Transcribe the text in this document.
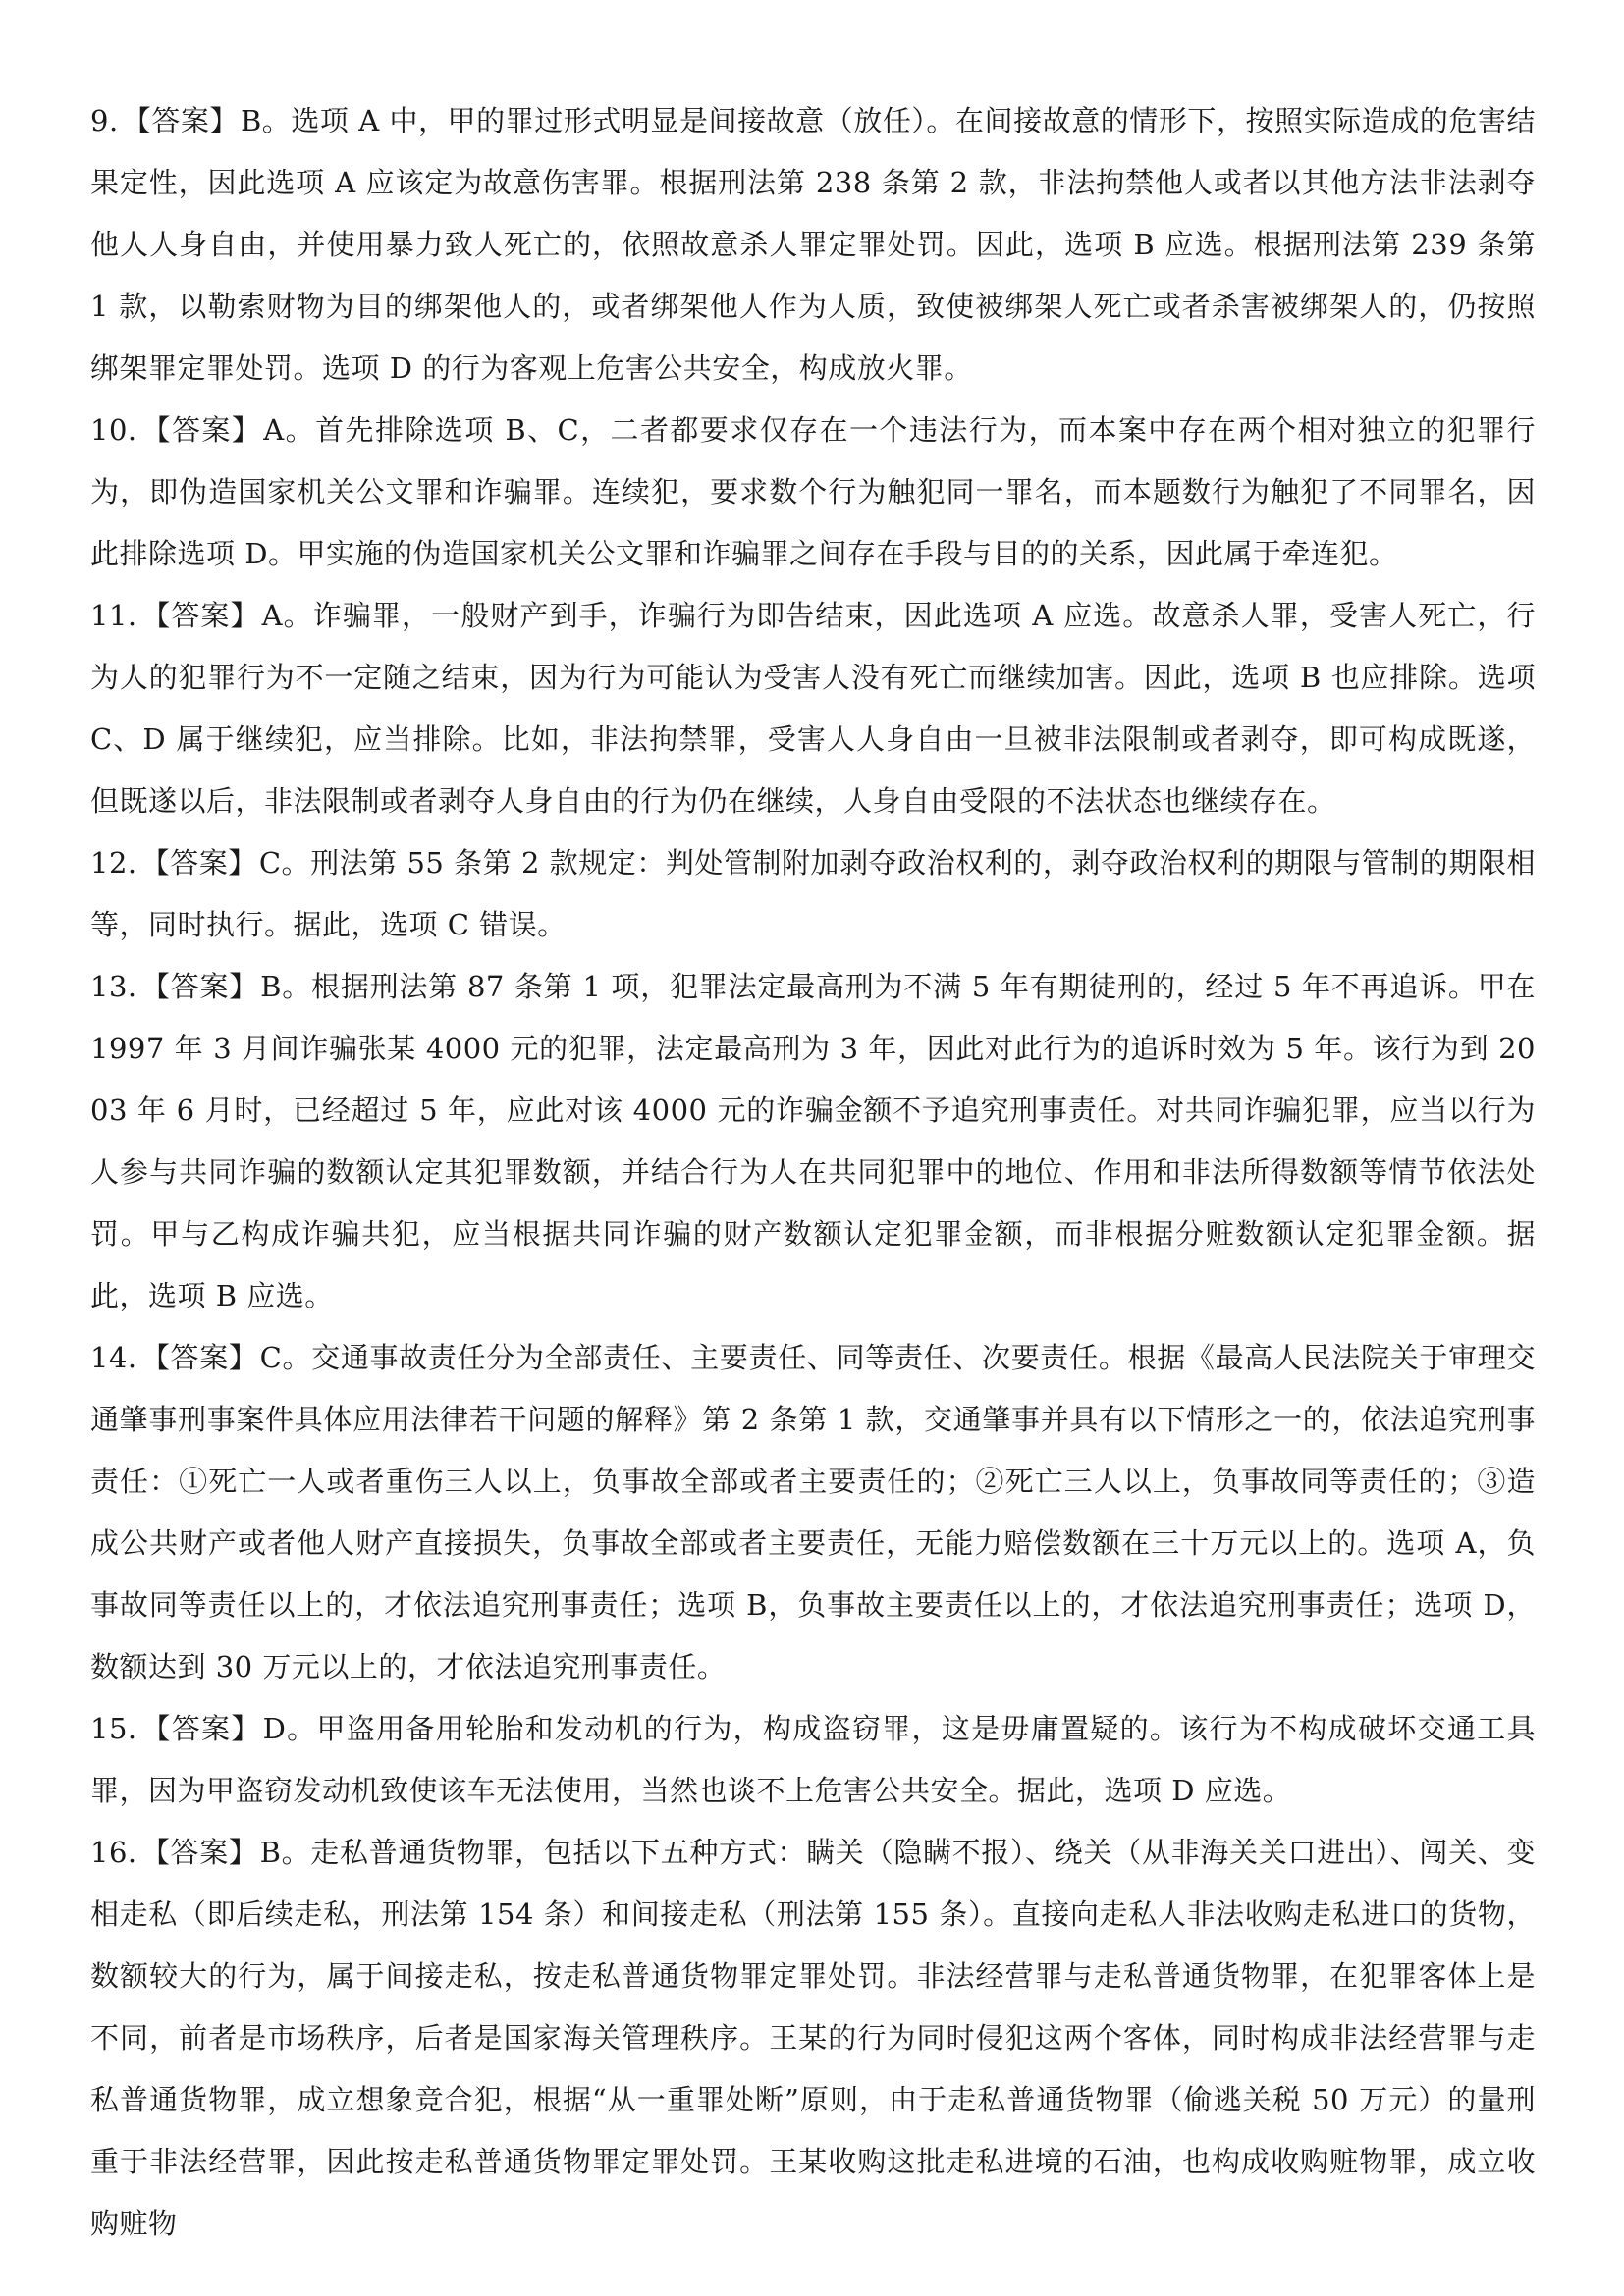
9. 【答案】B。选项 A 中，甲的罪过形式明显是间接故意（放任）。在间接故意的情形下，按照实际造成的危害结果定性，因此选项 A 应该定为故意伤害罪。根据刑法第 238 条第 2 款，非法拘禁他人或者以其他方法非法剥夺他人人身自由，并使用暴力致人死亡的，依照故意杀人罪定罪处罚。因此，选项 B 应选。根据刑法第 239 条第 1 款，以勒索财物为目的绑架他人的，或者绑架他人作为人质，致使被绑架人死亡或者杀害被绑架人的，仍按照绑架罪定罪处罚。选项 D 的行为客观上危害公共安全，构成放火罪。

10. 【答案】A。首先排除选项 B、C，二者都要求仅存在一个违法行为，而本案中存在两个相对独立的犯罪行为，即伪造国家机关公文罪和诈骗罪。连续犯，要求数个行为触犯同一罪名，而本题数行为触犯了不同罪名，因此排除选项 D。甲实施的伪造国家机关公文罪和诈骗罪之间存在手段与目的的关系，因此属于牵连犯。

11. 【答案】A。诈骗罪，一般财产到手，诈骗行为即告结束，因此选项 A 应选。故意杀人罪，受害人死亡，行为人的犯罪行为不一定随之结束，因为行为可能认为受害人没有死亡而继续加害。因此，选项 B 也应排除。选项 C、D 属于继续犯，应当排除。比如，非法拘禁罪，受害人人身自由一旦被非法限制或者剥夺，即可构成既遂，但既遂以后，非法限制或者剥夺人身自由的行为仍在继续，人身自由受限的不法状态也继续存在。

12. 【答案】C。刑法第 55 条第 2 款规定：判处管制附加剥夺政治权利的，剥夺政治权利的期限与管制的期限相等，同时执行。据此，选项 C 错误。

13. 【答案】B。根据刑法第 87 条第 1 项，犯罪法定最高刑为不满 5 年有期徒刑的，经过 5 年不再追诉。甲在 1997 年 3 月间诈骗张某 4000 元的犯罪，法定最高刑为 3 年，因此对此行为的追诉时效为 5 年。该行为到 2003 年 6 月时，已经超过 5 年，应此对该 4000 元的诈骗金额不予追究刑事责任。对共同诈骗犯罪，应当以行为人参与共同诈骗的数额认定其犯罪数额，并结合行为人在共同犯罪中的地位、作用和非法所得数额等情节依法处罚。甲与乙构成诈骗共犯，应当根据共同诈骗的财产数额认定犯罪金额，而非根据分赃数额认定犯罪金额。据此，选项 B 应选。

14. 【答案】C。交通事故责任分为全部责任、主要责任、同等责任、次要责任。根据《最高人民法院关于审理交通肇事刑事案件具体应用法律若干问题的解释》第 2 条第 1 款，交通肇事并具有以下情形之一的，依法追究刑事责任：①死亡一人或者重伤三人以上，负事故全部或者主要责任的；②死亡三人以上，负事故同等责任的；③造成公共财产或者他人财产直接损失，负事故全部或者主要责任，无能力赔偿数额在三十万元以上的。选项 A，负事故同等责任以上的，才依法追究刑事责任；选项 B，负事故主要责任以上的，才依法追究刑事责任；选项 D，数额达到 30 万元以上的，才依法追究刑事责任。

15. 【答案】D。甲盗用备用轮胎和发动机的行为，构成盗窃罪，这是毋庸置疑的。该行为不构成破坏交通工具罪，因为甲盗窃发动机致使该车无法使用，当然也谈不上危害公共安全。据此，选项 D 应选。

16. 【答案】B。走私普通货物罪，包括以下五种方式：瞒关（隐瞒不报）、绕关（从非海关关口进出）、闯关、变相走私（即后续走私，刑法第 154 条）和间接走私（刑法第 155 条）。直接向走私人非法收购走私进口的货物，数额较大的行为，属于间接走私，按走私普通货物罪定罪处罚。非法经营罪与走私普通货物罪，在犯罪客体上是不同，前者是市场秩序，后者是国家海关管理秩序。王某的行为同时侵犯这两个客体，同时构成非法经营罪与走私普通货物罪，成立想象竞合犯，根据“从一重罪处断”原则，由于走私普通货物罪（偷逃关税 50 万元）的量刑重于非法经营罪，因此按走私普通货物罪定罪处罚。王某收购这批走私进境的石油，也构成收购赃物罪，成立收购赃物
